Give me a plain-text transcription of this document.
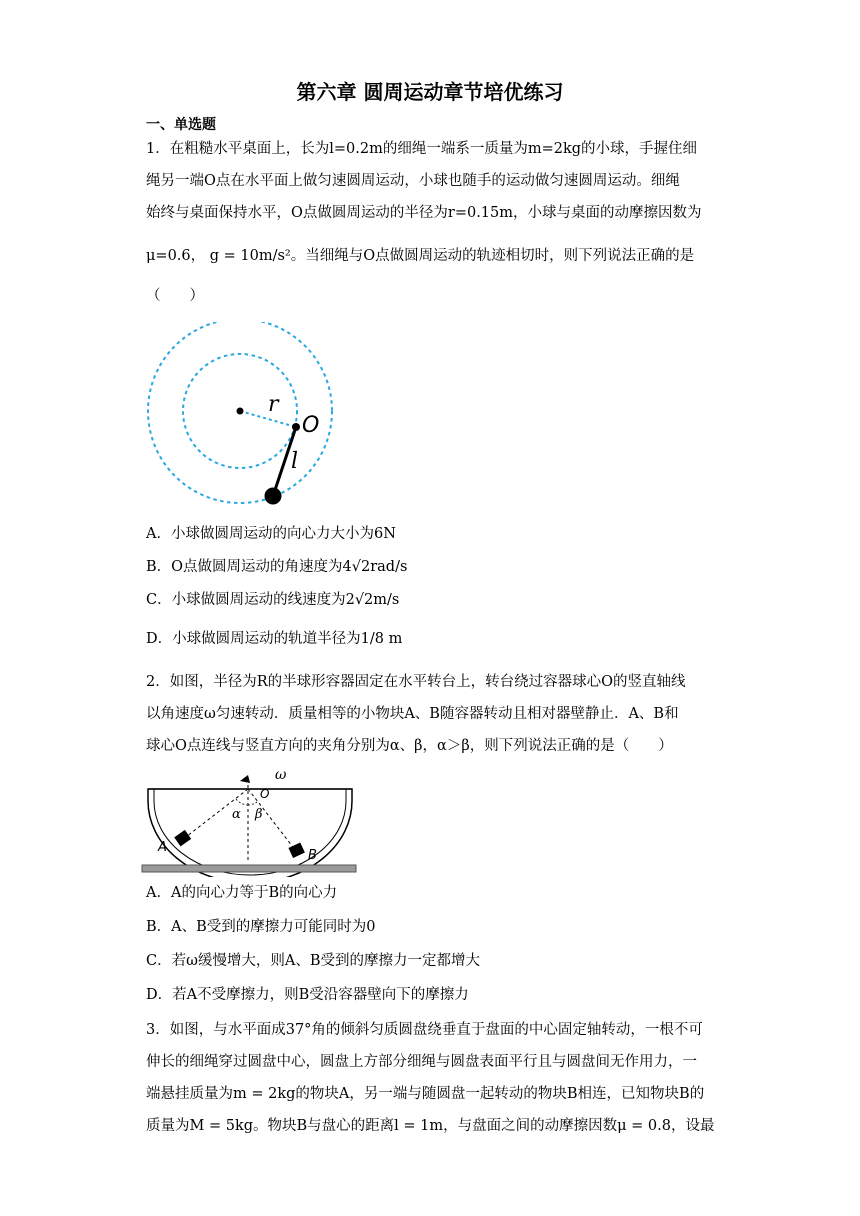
第六章 圆周运动章节培优练习
一、单选题
1．在粗糙水平桌面上，长为l=0.2m的细绳一端系一质量为m=2kg的小球，手握住细
绳另一端O点在水平面上做匀速圆周运动，小球也随手的运动做匀速圆周运动。细绳
始终与桌面保持水平，O点做圆周运动的半径为r=0.15m，小球与桌面的动摩擦因数为
μ=0.6， g = 10m/s²。当细绳与O点做圆周运动的轨迹相切时，则下列说法正确的是
（　　）
r
O
l
A．小球做圆周运动的向心力大小为6N
B．O点做圆周运动的角速度为4√2rad/s
C．小球做圆周运动的线速度为2√2m/s
D．小球做圆周运动的轨道半径为1/8 m
2．如图，半径为R的半球形容器固定在水平转台上，转台绕过容器球心O的竖直轴线
以角速度ω匀速转动．质量相等的小物块A、B随容器转动且相对器壁静止．A、B和
球心O点连线与竖直方向的夹角分别为α、β，α＞β，则下列说法正确的是（　　）
ω
O
α β
A
B
A．A的向心力等于B的向心力
B．A、B受到的摩擦力可能同时为0
C．若ω缓慢增大，则A、B受到的摩擦力一定都增大
D．若A不受摩擦力，则B受沿容器壁向下的摩擦力
3．如图，与水平面成37°角的倾斜匀质圆盘绕垂直于盘面的中心固定轴转动，一根不可
伸长的细绳穿过圆盘中心，圆盘上方部分细绳与圆盘表面平行且与圆盘间无作用力，一
端悬挂质量为m = 2kg的物块A，另一端与随圆盘一起转动的物块B相连，已知物块B的
质量为M = 5kg。物块B与盘心的距离l = 1m，与盘面之间的动摩擦因数μ = 0.8，设最
